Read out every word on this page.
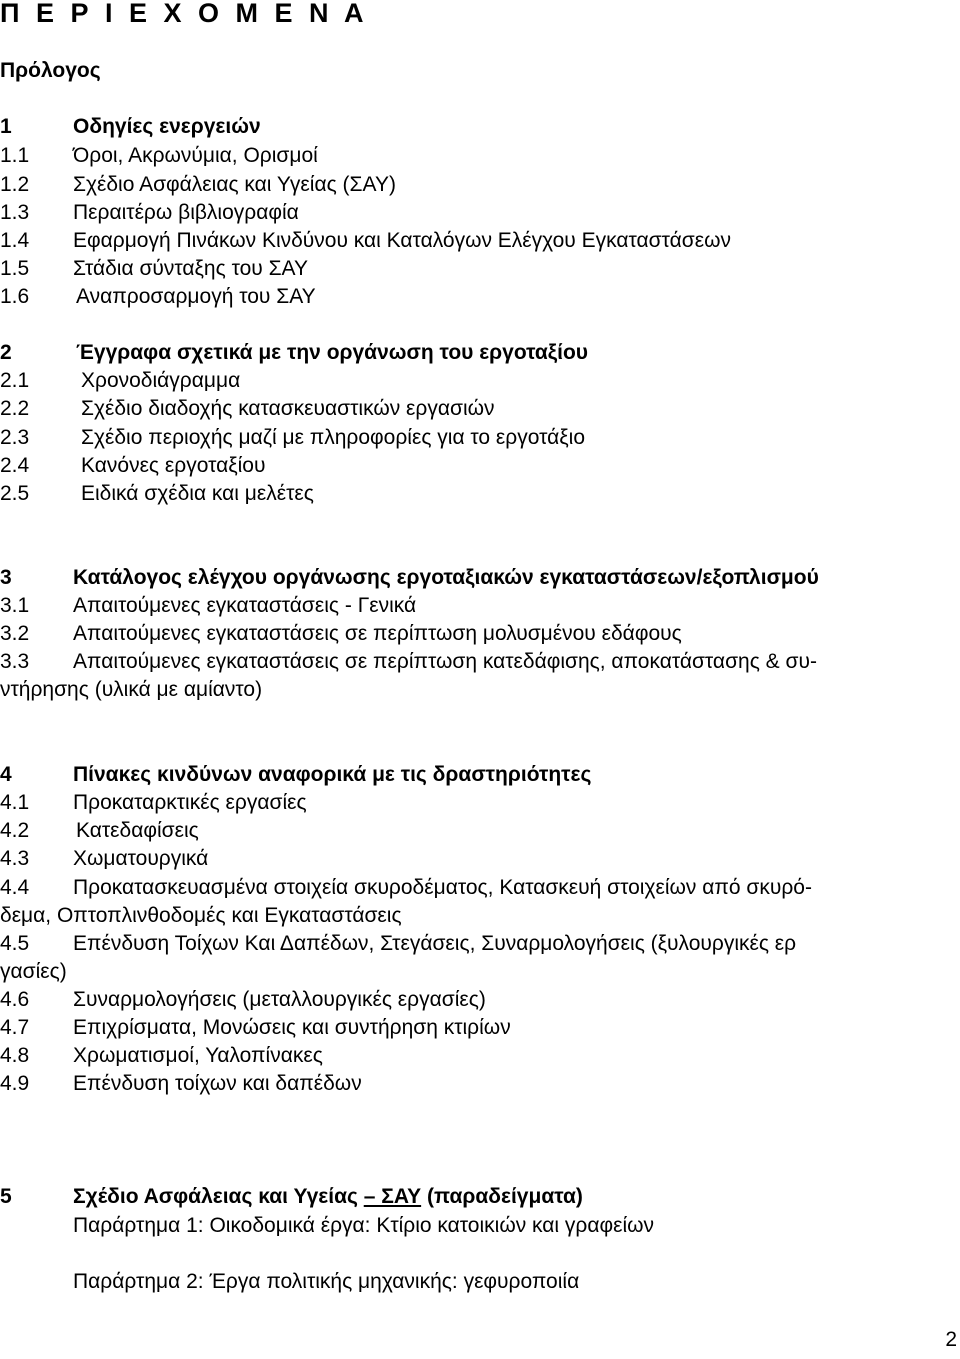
Π Ε Ρ Ι Ε Χ Ο Μ Ε Ν Α
Πρόλογος
1	Οδηγίες ενεργειών
1.1 Όροι, Ακρωνύμια, Ορισμοί
1.2 Σχέδιο Ασφάλειας και Υγείας (ΣΑΥ)
1.3 Περαιτέρω βιβλιογραφία
1.4 Εφαρμογή Πινάκων Κινδύνου και Καταλόγων Ελέγχου Εγκαταστάσεων
1.5 Στάδια σύνταξης του ΣΑΥ
1.6 Αναπροσαρμογή του ΣΑΥ
2	Έγγραφα σχετικά με την οργάνωση του εργοταξίου
2.1 Χρονοδιάγραμμα
2.2 Σχέδιο διαδοχής κατασκευαστικών εργασιών
2.3 Σχέδιο περιοχής μαζί με πληροφορίες για το εργοτάξιο
2.4 Κανόνες εργοταξίου
2.5 Ειδικά σχέδια και μελέτες
3	Κατάλογος ελέγχου οργάνωσης εργοταξιακών εγκαταστάσεων/εξοπλισμού
3.1 Απαιτούμενες εγκαταστάσεις - Γενικά
3.2 Απαιτούμενες εγκαταστάσεις σε περίπτωση μολυσμένου εδάφους
3.3 Απαιτούμενες εγκαταστάσεις σε περίπτωση κατεδάφισης, αποκατάστασης & συ-
ντήρησης (υλικά με αμίαντο)
4	Πίνακες κινδύνων αναφορικά με τις δραστηριότητες
4.1 Προκαταρκτικές εργασίες
4.2 Κατεδαφίσεις
4.3 Χωματουργικά
4.4 Προκατασκευασμένα στοιχεία σκυροδέματος, Κατασκευή στοιχείων από σκυρό-
δεμα, Οπτοπλινθοδομές και Εγκαταστάσεις
4.5 Επένδυση Τοίχων Και Δαπέδων, Στεγάσεις, Συναρμολογήσεις (ξυλουργικές ερ
γασίες)
4.6 Συναρμολογήσεις (μεταλλουργικές εργασίες)
4.7 Επιχρίσματα, Μονώσεις και συντήρηση κτιρίων
4.8 Χρωματισμοί, Υαλοπίνακες
4.9 Επένδυση τοίχων και δαπέδων
5	Σχέδιο Ασφάλειας και Υγείας – ΣΑΥ (παραδείγματα)
Παράρτημα 1: Οικοδομικά έργα: Κτίριο κατοικιών και γραφείων
Παράρτημα 2: Έργα πολιτικής μηχανικής: γεφυροποιία
2
